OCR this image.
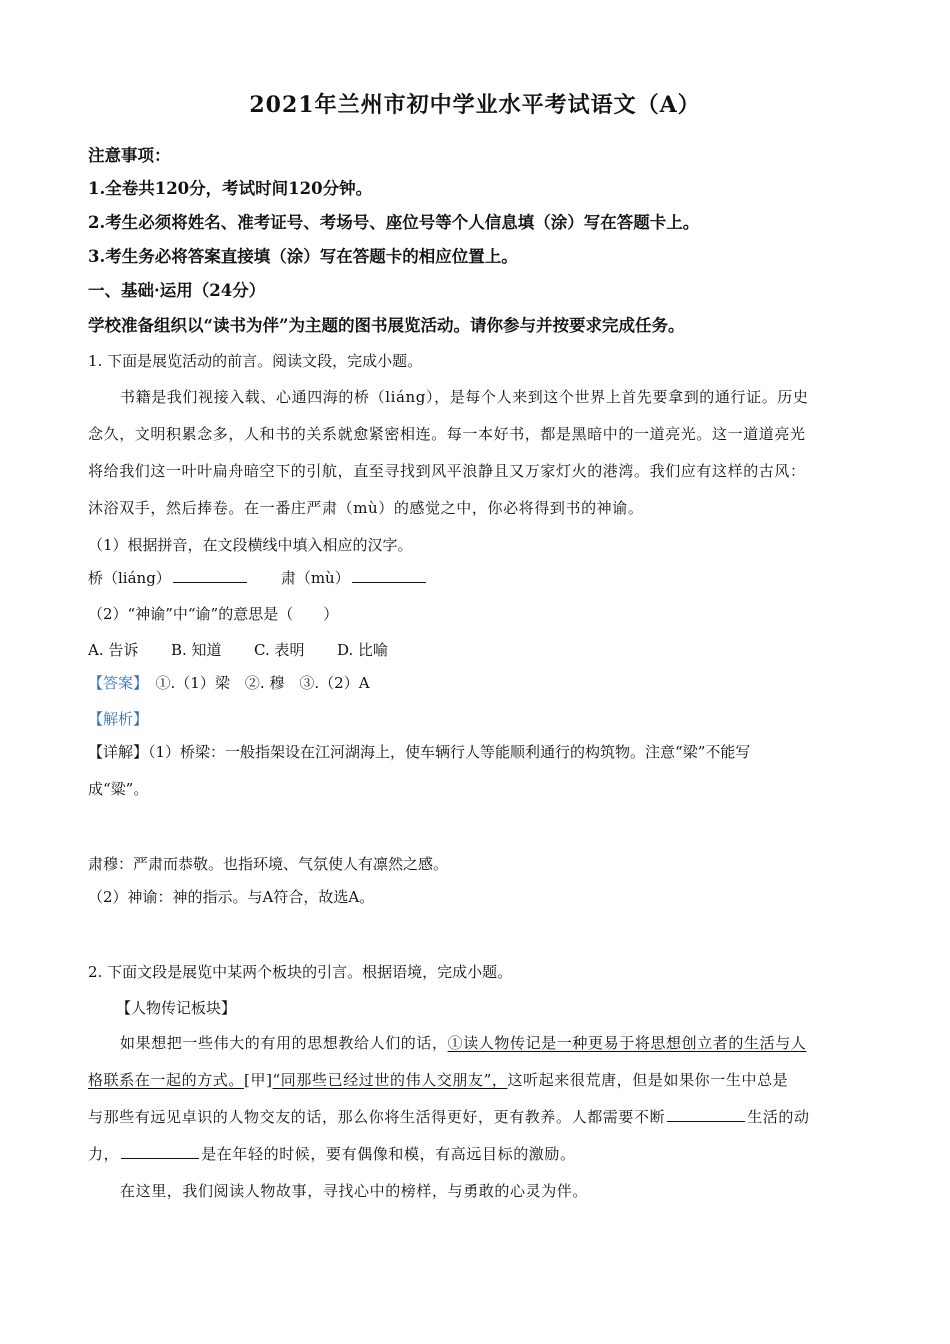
2021年兰州市初中学业水平考试语文（A）
注意事项：
1.全卷共120分，考试时间120分钟。
2.考生必须将姓名、准考证号、考场号、座位号等个人信息填（涂）写在答题卡上。
3.考生务必将答案直接填（涂）写在答题卡的相应位置上。
一、基础·运用（24分）
学校准备组织以“读书为伴”为主题的图书展览活动。请你参与并按要求完成任务。
1. 下面是展览活动的前言。阅读文段，完成小题。
书籍是我们视接入载、心通四海的桥（liáng），是每个人来到这个世界上首先要拿到的通行证。历史
念久，文明积累念多，人和书的关系就愈紧密相连。每一本好书，都是黑暗中的一道亮光。这一道道亮光
将给我们这一叶叶扁舟暗空下的引航，直至寻找到风平浪静且又万家灯火的港湾。我们应有这样的古风：
沐浴双手，然后捧卷。在一番庄严肃（mù）的感觉之中，你必将得到书的神谕。
（1）根据拼音，在文段横线中填入相应的汉字。
桥（liáng）	肃（mù）
（2）“神谕”中“谕”的意思是（　　）
A. 告诉 B. 知道 C. 表明 D. 比喻
【答案】　 ①.（1）梁　②. 穆　③.（2）A
【解析】
【详解】（1）桥梁：一般指架设在江河湖海上，使车辆行人等能顺利通行的构筑物。注意“梁”不能写
成“粱”。
肃穆：严肃而恭敬。也指环境、气氛使人有凛然之感。
（2）神谕：神的指示。与A符合，故选A。
2. 下面文段是展览中某两个板块的引言。根据语境，完成小题。
【人物传记板块】
如果想把一些伟大的有用的思想教给人们的话，①读人物传记是一种更易于将思想创立者的生活与人
格联系在一起的方式。[甲]“同那些已经过世的伟人交朋友”，这听起来很荒唐，但是如果你一生中总是
与那些有远见卓识的人物交友的话，那么你将生活得更好，更有教养。人都需要不断	生活的动
力，	是在年轻的时候，要有偶像和模，有高远目标的激励。
在这里，我们阅读人物故事，寻找心中的榜样，与勇敢的心灵为伴。
